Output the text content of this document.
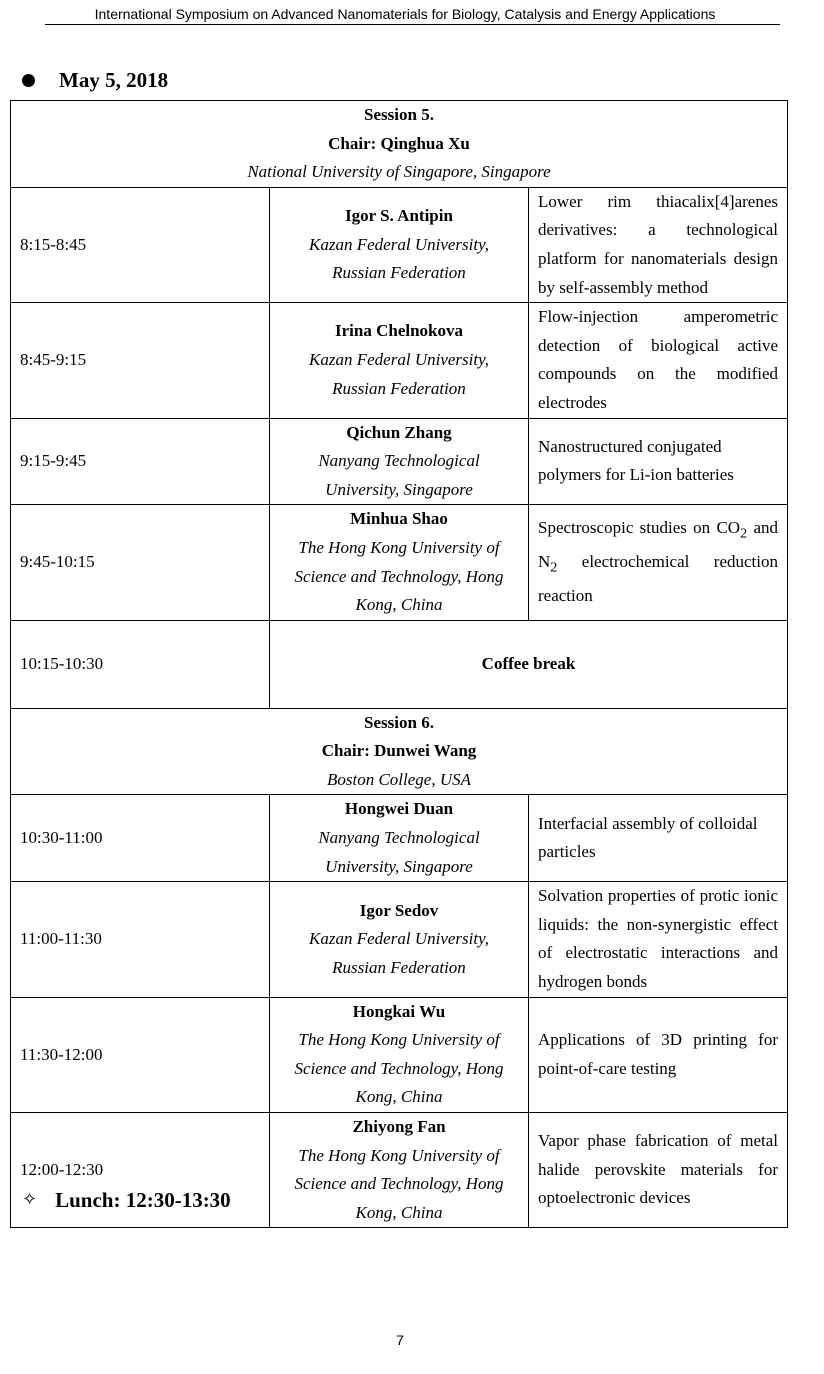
International Symposium on Advanced Nanomaterials for Biology, Catalysis and Energy Applications
May 5, 2018
Session 5.
Chair: Qinghua Xu
National University of Singapore, Singapore		

8:15-8:45	Igor S. Antipin
Kazan Federal University,
Russian Federation	Lower rim thiacalix[4]arenes derivatives: a technological platform for nanomaterials design by self-assembly method
8:45-9:15	Irina Chelnokova
Kazan Federal University,
Russian Federation	Flow-injection amperometric detection of biological active compounds on the modified electrodes
9:15-9:45	Qichun Zhang
Nanyang Technological
University, Singapore	Nanostructured conjugated polymers for Li-ion batteries
9:45-10:15	Minhua Shao
The Hong Kong University of
Science and Technology, Hong
Kong, China	Spectroscopic studies on $CO_2$ and $N_2$ electrochemical reduction reaction
10:15-10:30	Coffee break	

Session 6.
Chair: Dunwei Wang
Boston College, USA		

10:30-11:00	Hongwei Duan
Nanyang Technological
University, Singapore	Interfacial assembly of colloidal particles
11:00-11:30	Igor Sedov
Kazan Federal University,
Russian Federation	Solvation properties of protic ionic liquids: the non-synergistic effect of electrostatic interactions and hydrogen bonds
11:30-12:00	Hongkai Wu
The Hong Kong University of
Science and Technology, Hong
Kong, China	Applications of 3D printing for point-of-care testing
12:00-12:30	Zhiyong Fan
The Hong Kong University of
Science and Technology, Hong
Kong, China	Vapor phase fabrication of metal halide perovskite materials for optoelectronic devices
✧ Lunch: 12:30-13:30
7
